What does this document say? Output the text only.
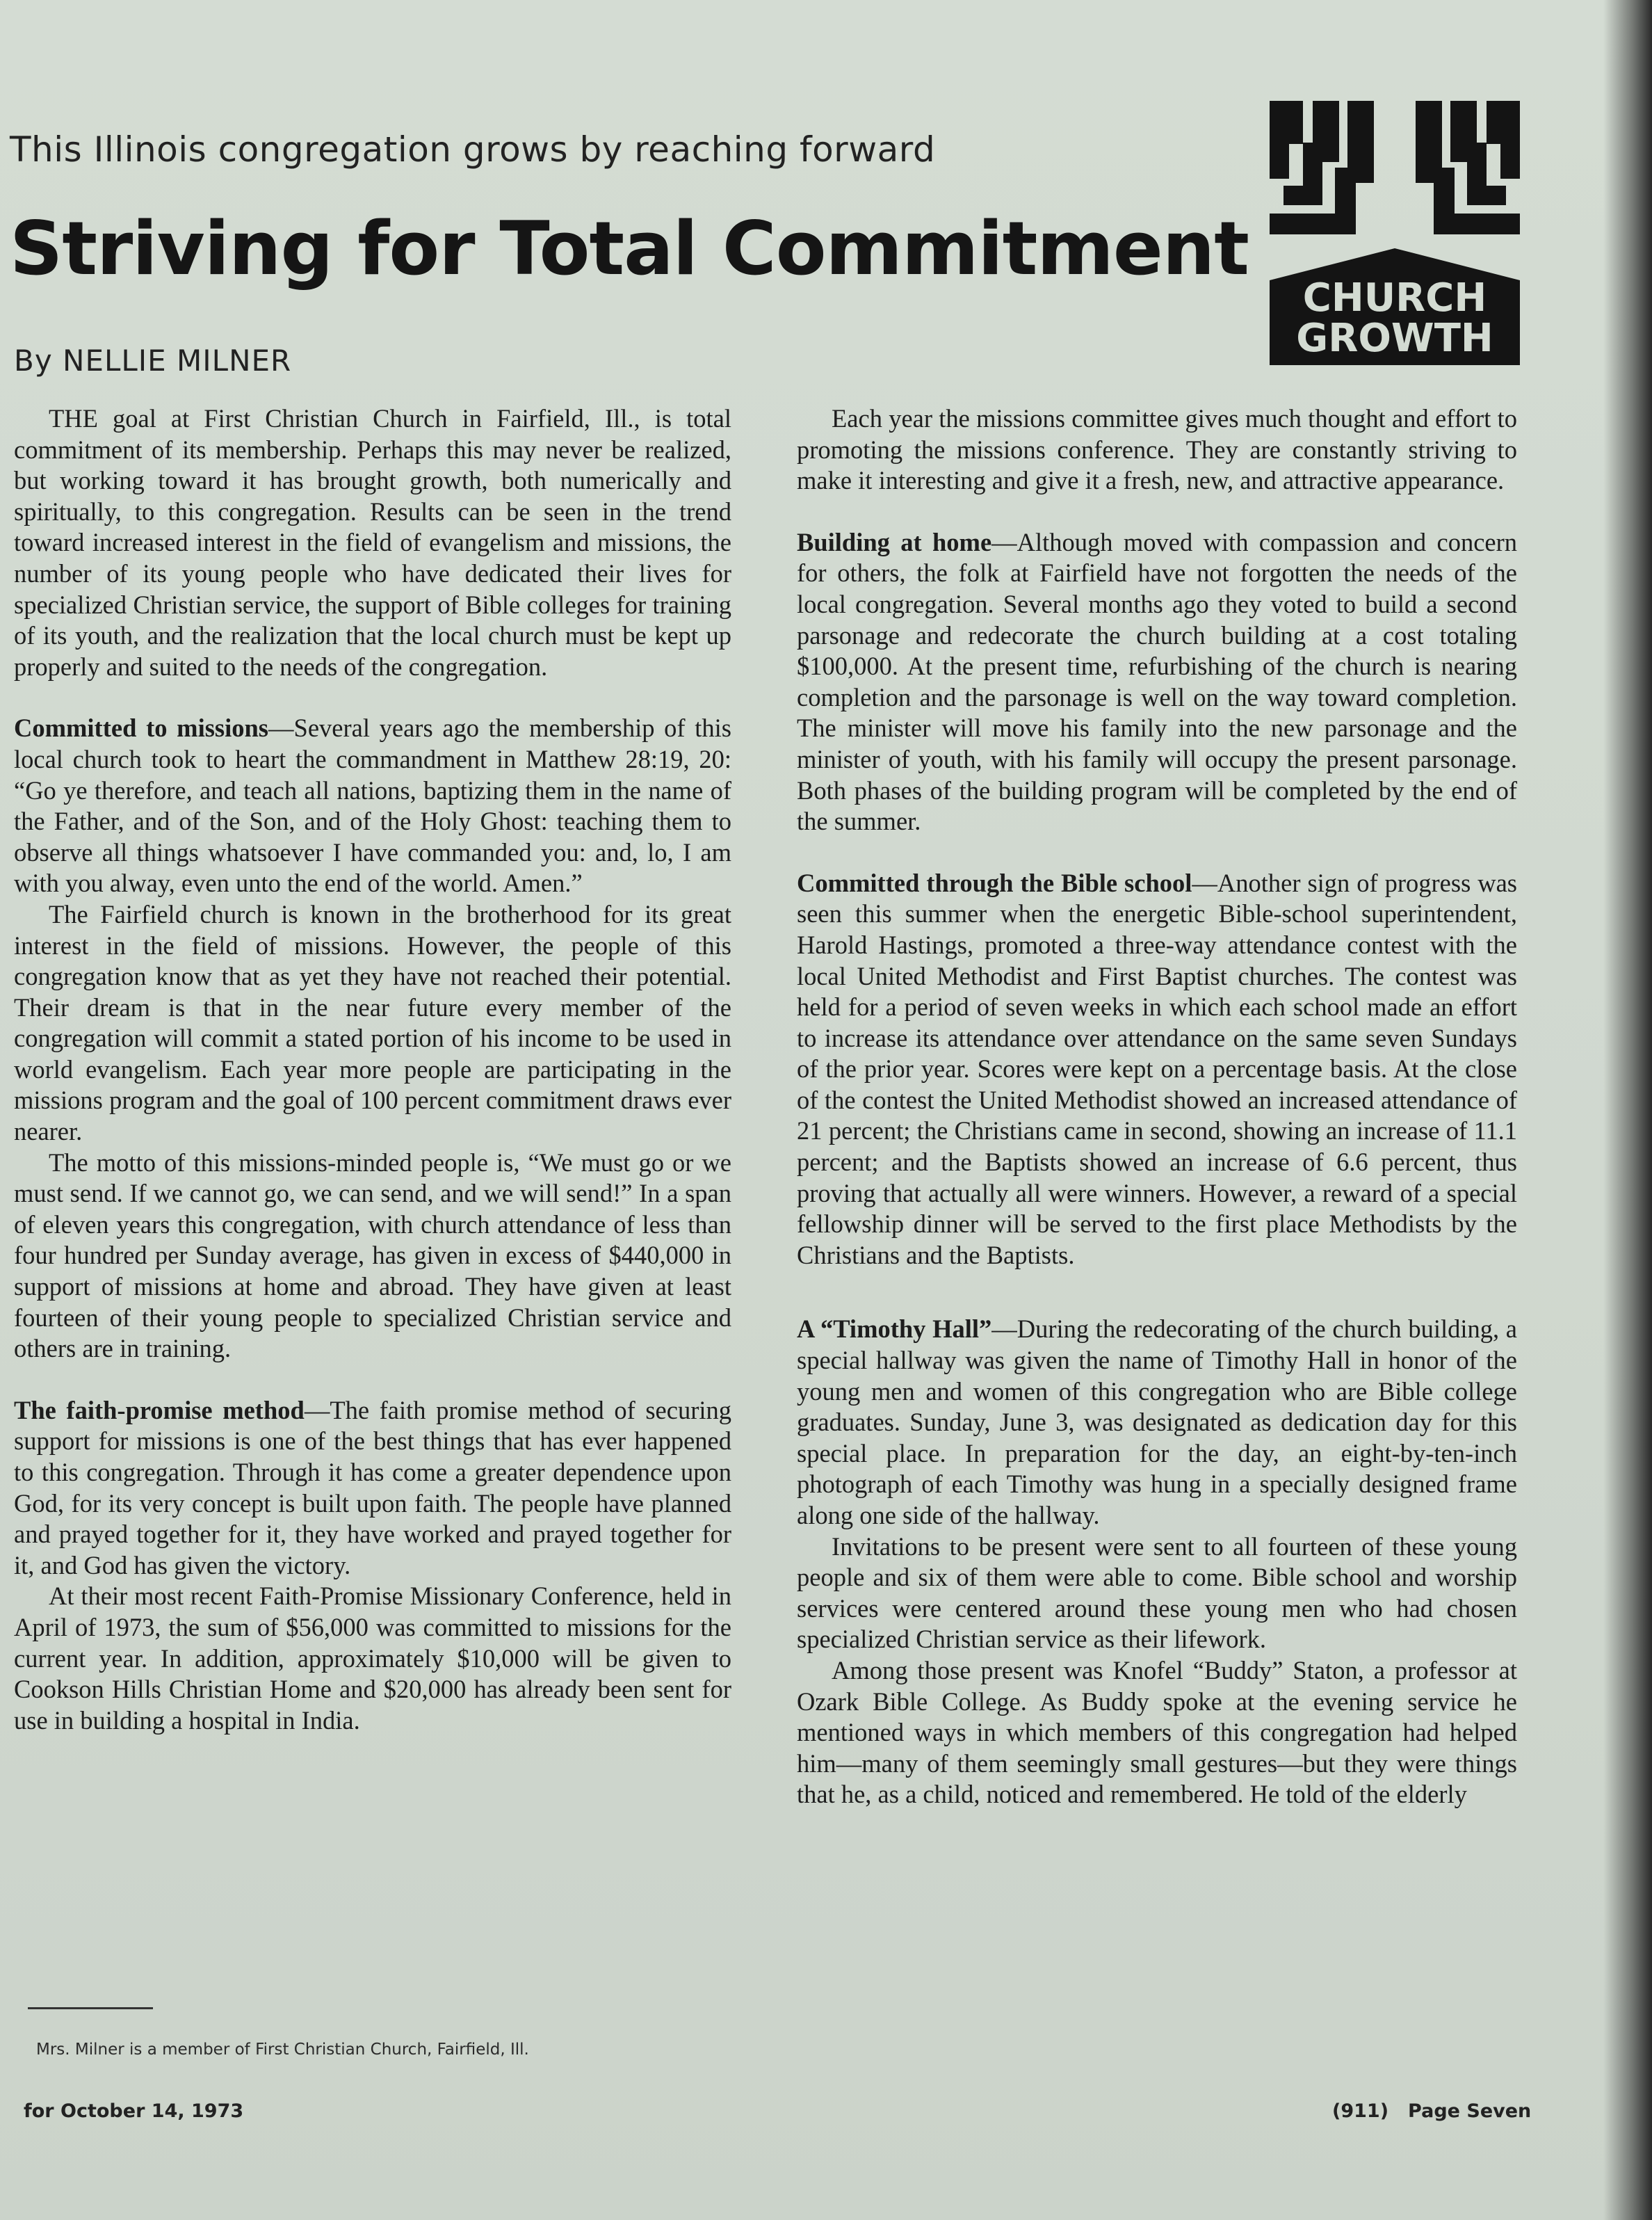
This Illinois congregation grows by reaching forward
Striving for Total Commitment
By NELLIE MILNER
CHURCH
GROWTH

THE goal at First Christian Church in Fairfield, Ill., is total commitment of its membership. Perhaps this may never be realized, but working toward it has brought growth, both numerically and spiritually, to this congregation. Results can be seen in the trend toward increased interest in the field of evangelism and missions, the number of its young people who have dedicated their lives for specialized Christian service, the support of Bible colleges for training of its youth, and the realization that the local church must be kept up properly and suited to the needs of the congregation.

Committed to missions—Several years ago the membership of this local church took to heart the commandment in Matthew 28:19, 20: “Go ye therefore, and teach all nations, baptizing them in the name of the Father, and of the Son, and of the Holy Ghost: teaching them to observe all things whatsoever I have commanded you: and, lo, I am with you alway, even unto the end of the world. Amen.”

The Fairfield church is known in the brotherhood for its great interest in the field of missions. However, the people of this congregation know that as yet they have not reached their potential. Their dream is that in the near future every member of the congregation will commit a stated portion of his income to be used in world evangelism. Each year more people are participating in the missions program and the goal of 100 percent commitment draws ever nearer.

The motto of this missions-minded people is, “We must go or we must send. If we cannot go, we can send, and we will send!” In a span of eleven years this congregation, with church attendance of less than four hundred per Sunday average, has given in excess of $440,000 in support of missions at home and abroad. They have given at least fourteen of their young people to specialized Christian service and others are in training.

The faith-promise method—The faith promise method of securing support for missions is one of the best things that has ever happened to this congregation. Through it has come a greater dependence upon God, for its very concept is built upon faith. The people have planned and prayed together for it, they have worked and prayed together for it, and God has given the victory.

At their most recent Faith-Promise Missionary Conference, held in April of 1973, the sum of $56,000 was committed to missions for the current year. In addition, approximately $10,000 will be given to Cookson Hills Christian Home and $20,000 has already been sent for use in building a hospital in India.

Each year the missions committee gives much thought and effort to promoting the missions conference. They are constantly striving to make it interesting and give it a fresh, new, and attractive appearance.

Building at home—Although moved with compassion and concern for others, the folk at Fairfield have not forgotten the needs of the local congregation. Several months ago they voted to build a second parsonage and redecorate the church building at a cost totaling $100,000. At the present time, refurbishing of the church is nearing completion and the parsonage is well on the way toward completion. The minister will move his family into the new parsonage and the minister of youth, with his family will occupy the present parsonage. Both phases of the building program will be completed by the end of the summer.

Committed through the Bible school—Another sign of progress was seen this summer when the energetic Bible-school superintendent, Harold Hastings, promoted a three-way attendance contest with the local United Methodist and First Baptist churches. The contest was held for a period of seven weeks in which each school made an effort to increase its attendance over attendance on the same seven Sundays of the prior year. Scores were kept on a percentage basis. At the close of the contest the United Methodist showed an increased attendance of 21 percent; the Christians came in second, showing an increase of 11.1 percent; and the Baptists showed an increase of 6.6 percent, thus proving that actually all were winners. However, a reward of a special fellowship dinner will be served to the first place Methodists by the Christians and the Baptists.

A “Timothy Hall”—During the redecorating of the church building, a special hallway was given the name of Timothy Hall in honor of the young men and women of this congregation who are Bible college graduates. Sunday, June 3, was designated as dedication day for this special place. In preparation for the day, an eight-by-ten-inch photograph of each Timothy was hung in a specially designed frame along one side of the hallway.

Invitations to be present were sent to all fourteen of these young people and six of them were able to come. Bible school and worship services were centered around these young men who had chosen specialized Christian service as their lifework.

Among those present was Knofel “Buddy” Staton, a professor at Ozark Bible College. As Buddy spoke at the evening service he mentioned ways in which members of this congregation had helped him—many of them seemingly small gestures—but they were things that he, as a child, noticed and remembered. He told of the elderly

Mrs. Milner is a member of First Christian Church, Fairfield, Ill.
for October 14, 1973	(911) Page Seven
